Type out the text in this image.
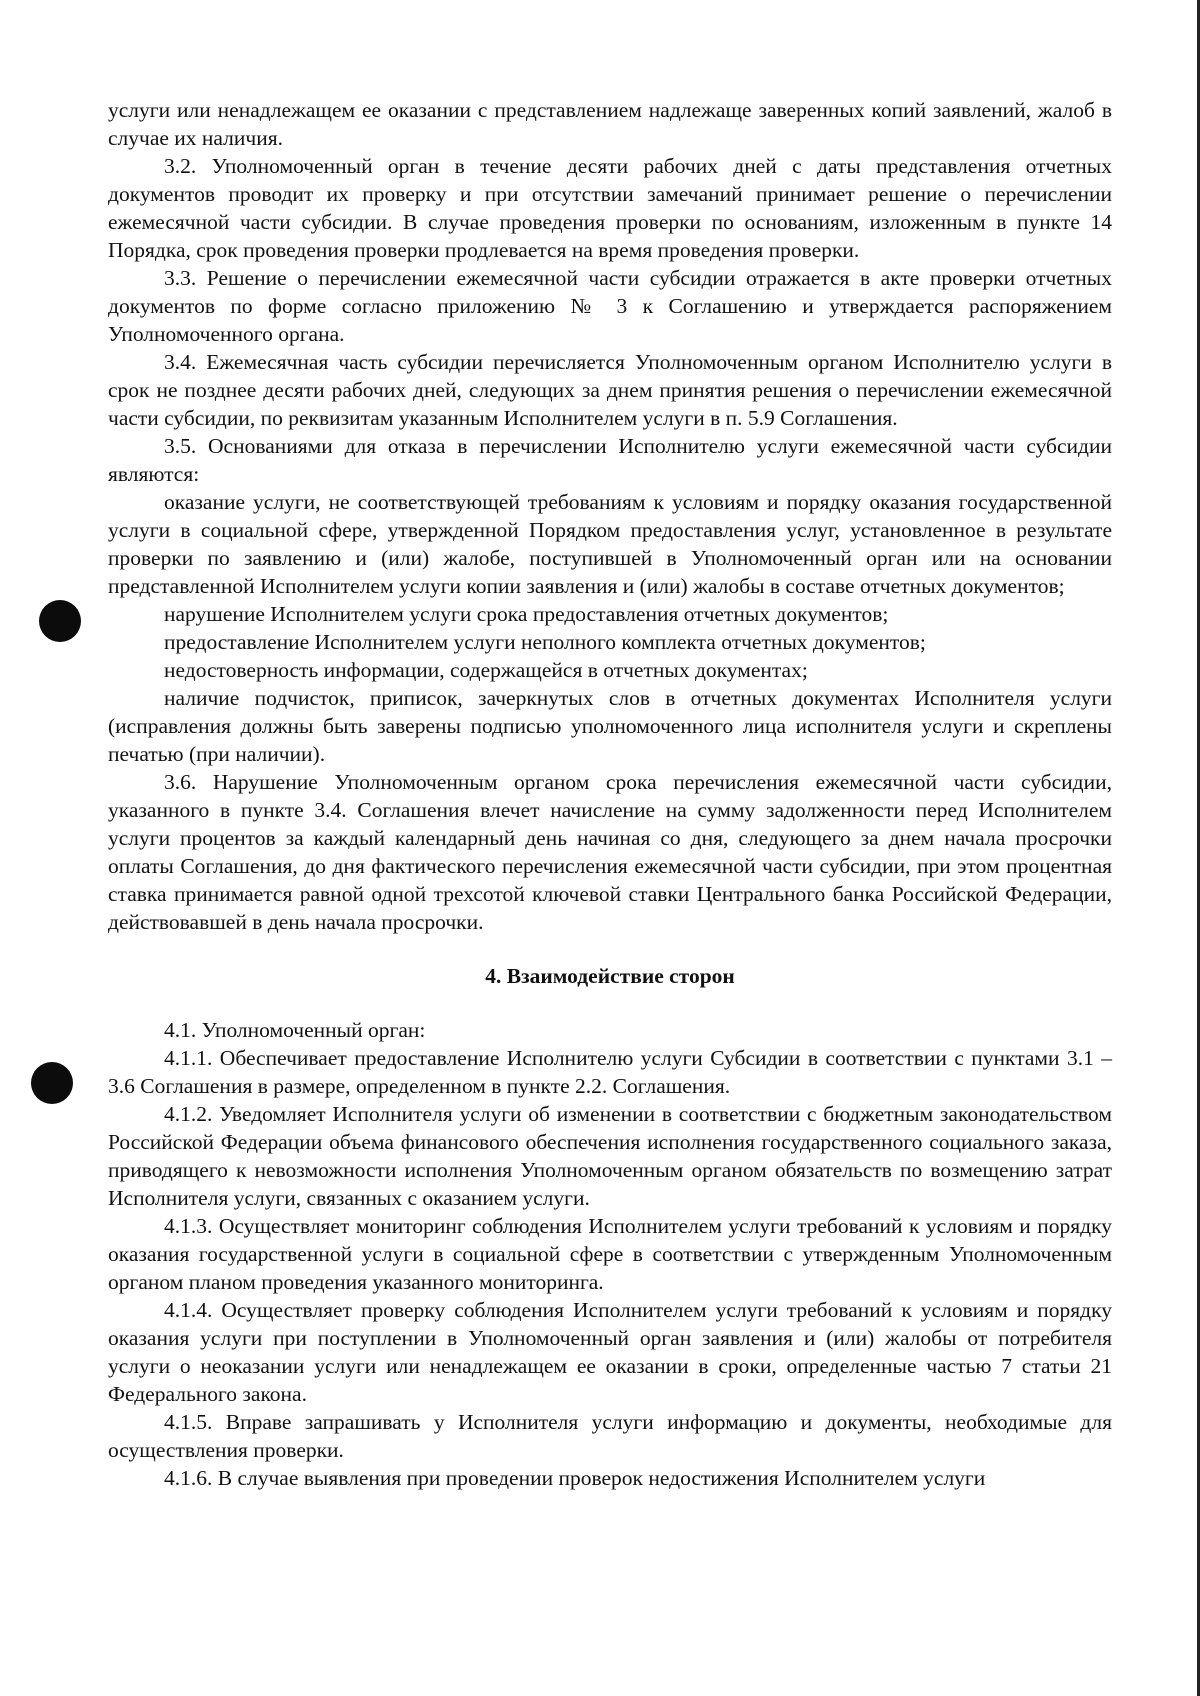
услуги или ненадлежащем ее оказании с представлением надлежаще заверенных копий заявлений, жалоб в случае их наличия.

3.2. Уполномоченный орган в течение десяти рабочих дней с даты представления отчетных документов проводит их проверку и при отсутствии замечаний принимает решение о перечислении ежемесячной части субсидии. В случае проведения проверки по основаниям, изложенным в пункте 14 Порядка, срок проведения проверки продлевается на время проведения проверки.

3.3. Решение о перечислении ежемесячной части субсидии отражается в акте проверки отчетных документов по форме согласно приложению № 3 к Соглашению и утверждается распоряжением Уполномоченного органа.

3.4. Ежемесячная часть субсидии перечисляется Уполномоченным органом Исполнителю услуги в срок не позднее десяти рабочих дней, следующих за днем принятия решения о перечислении ежемесячной части субсидии, по реквизитам указанным Исполнителем услуги в п. 5.9 Соглашения.

3.5. Основаниями для отказа в перечислении Исполнителю услуги ежемесячной части субсидии являются:

оказание услуги, не соответствующей требованиям к условиям и порядку оказания государственной услуги в социальной сфере, утвержденной Порядком предоставления услуг, установленное в результате проверки по заявлению и (или) жалобе, поступившей в Уполномоченный орган или на основании представленной Исполнителем услуги копии заявления и (или) жалобы в составе отчетных документов;

нарушение Исполнителем услуги срока предоставления отчетных документов;

предоставление Исполнителем услуги неполного комплекта отчетных документов;

недостоверность информации, содержащейся в отчетных документах;

наличие подчисток, приписок, зачеркнутых слов в отчетных документах Исполнителя услуги (исправления должны быть заверены подписью уполномоченного лица исполнителя услуги и скреплены печатью (при наличии).

3.6. Нарушение Уполномоченным органом срока перечисления ежемесячной части субсидии, указанного в пункте 3.4. Соглашения влечет начисление на сумму задолженности перед Исполнителем услуги процентов за каждый календарный день начиная со дня, следующего за днем начала просрочки оплаты Соглашения, до дня фактического перечисления ежемесячной части субсидии, при этом процентная ставка принимается равной одной трехсотой ключевой ставки Центрального банка Российской Федерации, действовавшей в день начала просрочки.

4. Взаимодействие сторон

4.1. Уполномоченный орган:

4.1.1. Обеспечивает предоставление Исполнителю услуги Субсидии в соответствии с пунктами 3.1 – 3.6 Соглашения в размере, определенном в пункте 2.2. Соглашения.

4.1.2. Уведомляет Исполнителя услуги об изменении в соответствии с бюджетным законодательством Российской Федерации объема финансового обеспечения исполнения государственного социального заказа, приводящего к невозможности исполнения Уполномоченным органом обязательств по возмещению затрат Исполнителя услуги, связанных с оказанием услуги.

4.1.3. Осуществляет мониторинг соблюдения Исполнителем услуги требований к условиям и порядку оказания государственной услуги в социальной сфере в соответствии с утвержденным Уполномоченным органом планом проведения указанного мониторинга.

4.1.4. Осуществляет проверку соблюдения Исполнителем услуги требований к условиям и порядку оказания услуги при поступлении в Уполномоченный орган заявления и (или) жалобы от потребителя услуги о неоказании услуги или ненадлежащем ее оказании в сроки, определенные частью 7 статьи 21 Федерального закона.

4.1.5. Вправе запрашивать у Исполнителя услуги информацию и документы, необходимые для осуществления проверки.

4.1.6. В случае выявления при проведении проверок недостижения Исполнителем услуги
